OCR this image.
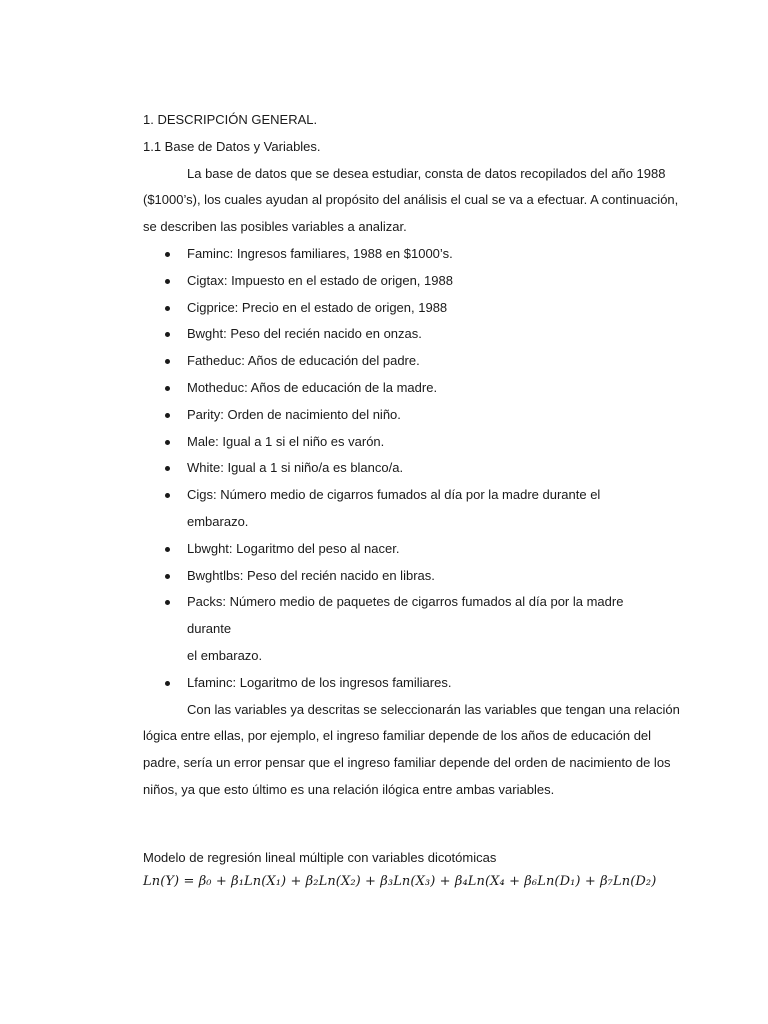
1. DESCRIPCIÓN GENERAL.

1.1 Base de Datos y Variables.

La base de datos que se desea estudiar, consta de datos recopilados del año 1988

($1000’s), los cuales ayudan al propósito del análisis el cual se va a efectuar. A continuación,

se describen las posibles variables a analizar.

Faminc: Ingresos familiares, 1988 en $1000’s.
Cigtax: Impuesto en el estado de origen, 1988
Cigprice: Precio en el estado de origen, 1988
Bwght: Peso del recién nacido en onzas.
Fatheduc: Años de educación del padre.
Motheduc: Años de educación de la madre.
Parity: Orden de nacimiento del niño.
Male: Igual a 1 si el niño es varón.
White: Igual a 1 si niño/a es blanco/a.
Cigs: Número medio de cigarros fumados al día por la madre durante el embarazo.
Lbwght: Logaritmo del peso al nacer.
Bwghtlbs: Peso del recién nacido en libras.
Packs: Número medio de paquetes de cigarros fumados al día por la madre durante
el embarazo.
Lfaminc: Logaritmo de los ingresos familiares.

Con las variables ya descritas se seleccionarán las variables que tengan una relación

lógica entre ellas, por ejemplo, el ingreso familiar depende de los años de educación del

padre, sería un error pensar que el ingreso familiar depende del orden de nacimiento de los

niños, ya que esto último es una relación ilógica entre ambas variables.

Modelo de regresión lineal múltiple con variables dicotómicas

Ln(Y) = β₀ + β₁Ln(X₁) + β₂Ln(X₂) + β₃Ln(X₃) + β₄Ln(X₄ + β₆Ln(D₁) + β₇Ln(D₂)
